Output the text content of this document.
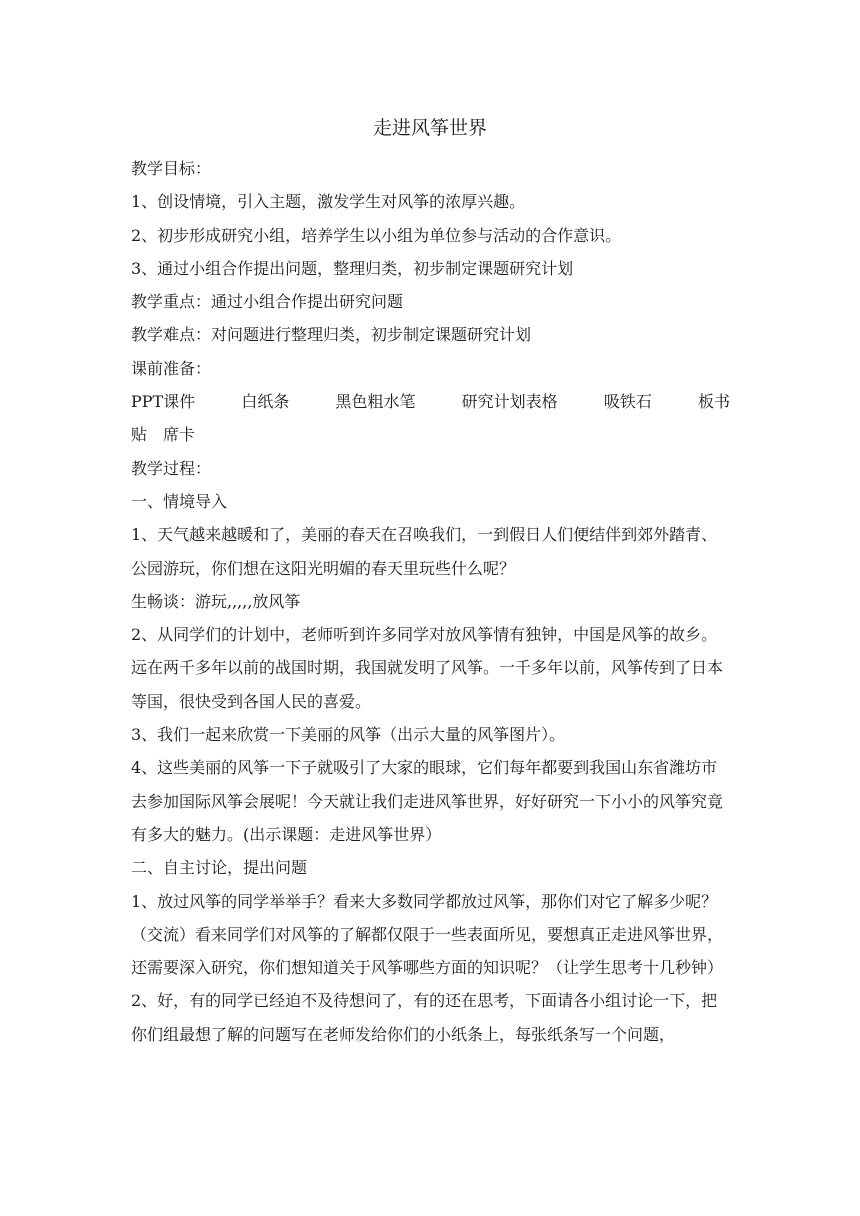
走进风筝世界

教学目标：

1、创设情境，引入主题，激发学生对风筝的浓厚兴趣。

2、初步形成研究小组，培养学生以小组为单位参与活动的合作意识。

3、通过小组合作提出问题，整理归类，初步制定课题研究计划

教学重点：通过小组合作提出研究问题

教学难点：对问题进行整理归类，初步制定课题研究计划

课前准备：

PPT课件	白纸条	黑色粗水笔	研究计划表格	吸铁石	板书

贴　席卡

教学过程：

一、情境导入

1、天气越来越暖和了，美丽的春天在召唤我们，一到假日人们便结伴到郊外踏青、公园游玩，你们想在这阳光明媚的春天里玩些什么呢？

生畅谈：游玩,,,,,放风筝

2、从同学们的计划中，老师听到许多同学对放风筝情有独钟，中国是风筝的故乡。远在两千多年以前的战国时期，我国就发明了风筝。一千多年以前，风筝传到了日本等国，很快受到各国人民的喜爱。

3、我们一起来欣赏一下美丽的风筝（出示大量的风筝图片）。

4、这些美丽的风筝一下子就吸引了大家的眼球，它们每年都要到我国山东省潍坊市去参加国际风筝会展呢！今天就让我们走进风筝世界，好好研究一下小小的风筝究竟有多大的魅力。(出示课题：走进风筝世界）

二、自主讨论，提出问题

1、放过风筝的同学举举手？看来大多数同学都放过风筝，那你们对它了解多少呢？（交流）看来同学们对风筝的了解都仅限于一些表面所见，要想真正走进风筝世界，还需要深入研究，你们想知道关于风筝哪些方面的知识呢？（让学生思考十几秒钟）

2、好，有的同学已经迫不及待想问了，有的还在思考，下面请各小组讨论一下，把你们组最想了解的问题写在老师发给你们的小纸条上，每张纸条写一个问题，
